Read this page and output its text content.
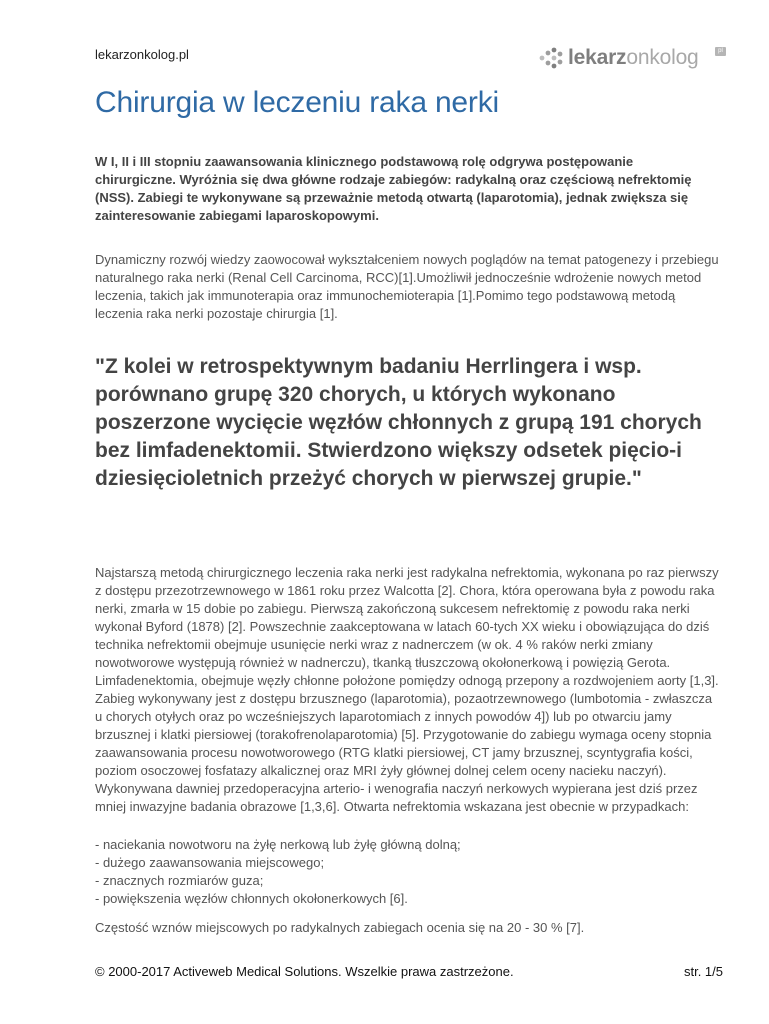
lekarzonkolog.pl	lekarzonkolog	pl
Chirurgia w leczeniu raka nerki

W I, II i III stopniu zaawansowania klinicznego podstawową rolę odgrywa postępowanie chirurgiczne. Wyróżnia się dwa główne rodzaje zabiegów: radykalną oraz częściową nefrektomię (NSS). Zabiegi te wykonywane są przeważnie metodą otwartą (laparotomia), jednak zwiększa się zainteresowanie zabiegami laparoskopowymi.

Dynamiczny rozwój wiedzy zaowocował wykształceniem nowych poglądów na temat patogenezy i przebiegu naturalnego raka nerki (Renal Cell Carcinoma, RCC)[1].Umożliwił jednocześnie wdrożenie nowych metod leczenia, takich jak immunoterapia oraz immunochemioterapia [1].Pomimo tego podstawową metodą leczenia raka nerki pozostaje chirurgia [1].

"Z kolei w retrospektywnym badaniu Herrlingera i wsp. porównano grupę 320 chorych, u których wykonano poszerzone wycięcie węzłów chłonnych z grupą 191 chorych bez limfadenektomii. Stwierdzono większy odsetek pięcio-i dziesięcioletnich przeżyć chorych w pierwszej grupie."

Najstarszą metodą chirurgicznego leczenia raka nerki jest radykalna nefrektomia, wykonana po raz pierwszy z dostępu przezotrzewnowego w 1861 roku przez Walcotta [2]. Chora, która operowana była z powodu raka nerki, zmarła w 15 dobie po zabiegu. Pierwszą zakończoną sukcesem nefrektomię z powodu raka nerki wykonał Byford (1878) [2]. Powszechnie zaakceptowana w latach 60-tych XX wieku i obowiązująca do dziś technika nefrektomii obejmuje usunięcie nerki wraz z nadnerczem (w ok. 4 % raków nerki zmiany nowotworowe występują również w nadnerczu), tkanką tłuszczową okołonerkową i powięzią Gerota. Limfadenektomia, obejmuje węzły chłonne położone pomiędzy odnogą przepony a rozdwojeniem aorty [1,3]. Zabieg wykonywany jest z dostępu brzusznego (laparotomia), pozaotrzewnowego (lumbotomia - zwłaszcza u chorych otyłych oraz po wcześniejszych laparotomiach z innych powodów 4]) lub po otwarciu jamy brzusznej i klatki piersiowej (torakofrenolaparotomia) [5]. Przygotowanie do zabiegu wymaga oceny stopnia zaawansowania procesu nowotworowego (RTG klatki piersiowej, CT jamy brzusznej, scyntygrafia kości, poziom osoczowej fosfatazy alkalicznej oraz MRI żyły głównej dolnej celem oceny nacieku naczyń). Wykonywana dawniej przedoperacyjna arterio- i wenografia naczyń nerkowych wypierana jest dziś przez mniej inwazyjne badania obrazowe [1,3,6]. Otwarta nefrektomia wskazana jest obecnie w przypadkach:

- naciekania nowotworu na żyłę nerkową lub żyłę główną dolną;
- dużego zaawansowania miejscowego;
- znacznych rozmiarów guza;
- powiększenia węzłów chłonnych okołonerkowych [6].

Częstość wznów miejscowych po radykalnych zabiegach ocenia się na 20 - 30 % [7].

© 2000-2017 Activeweb Medical Solutions. Wszelkie prawa zastrzeżone.	str. 1/5
